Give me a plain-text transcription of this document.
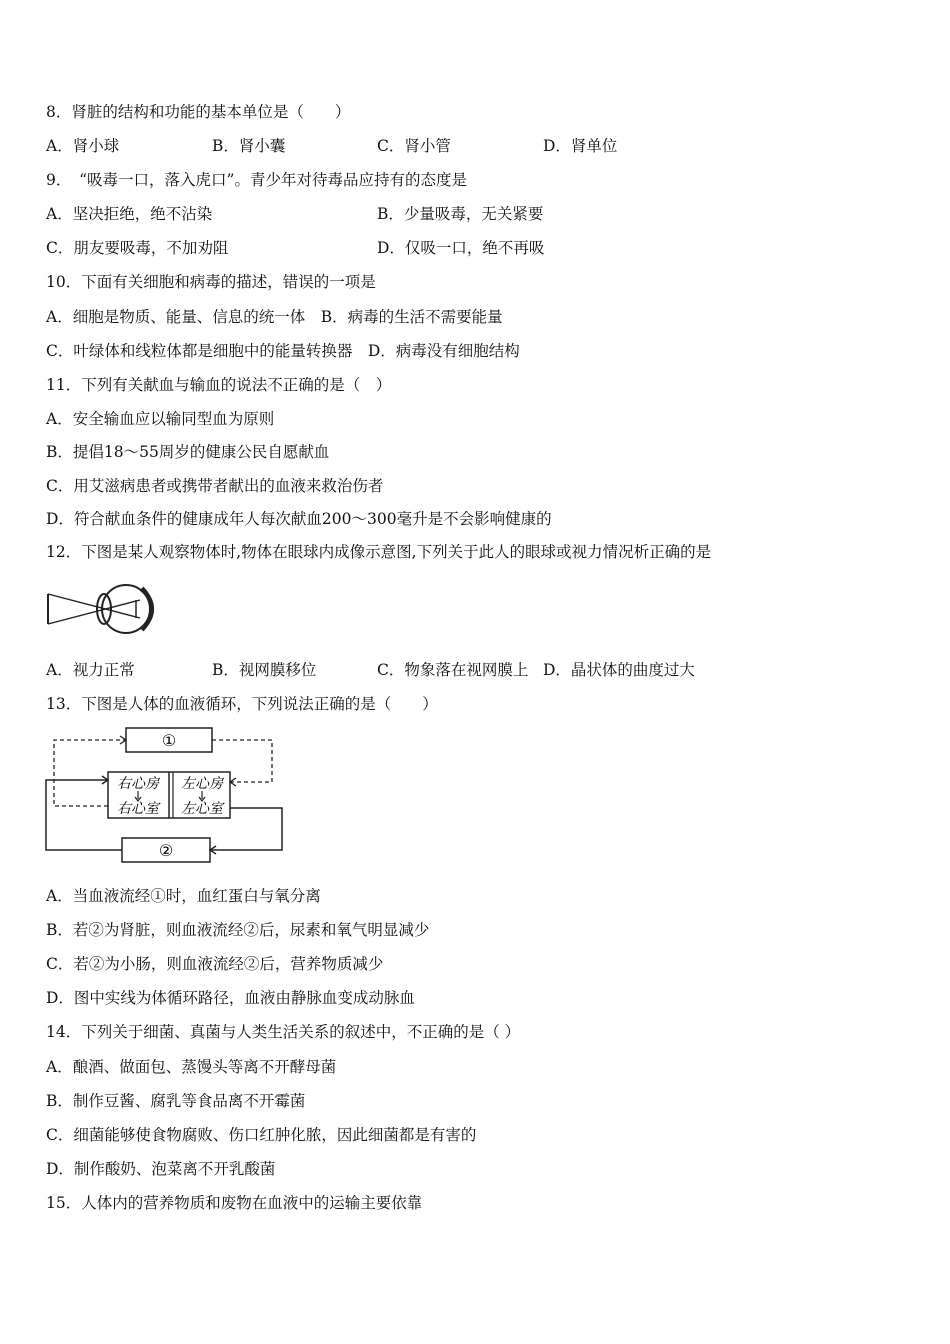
8．肾脏的结构和功能的基本单位是（　　）
A．肾小球	B．肾小囊	C．肾小管	D．肾单位
9．　“吸毒一口，落入虎口”。青少年对待毒品应持有的态度是
A．坚决拒绝，绝不沾染	B．少量吸毒，无关紧要
C．朋友要吸毒，不加劝阻	D．仅吸一口，绝不再吸
10．下面有关细胞和病毒的描述，错误的一项是
A．细胞是物质、能量、信息的统一体　B．病毒的生活不需要能量
C．叶绿体和线粒体都是细胞中的能量转换器　D．病毒没有细胞结构
11．下列有关献血与输血的说法不正确的是（　）
A．安全输血应以输同型血为原则
B．提倡18～55周岁的健康公民自愿献血
C．用艾滋病患者或携带者献出的血液来救治伤者
D．符合献血条件的健康成年人每次献血200～300毫升是不会影响健康的
12．下图是某人观察物体时,物体在眼球内成像示意图,下列关于此人的眼球或视力情况析正确的是
A．视力正常	B．视网膜移位	C．物象落在视网膜上 D．晶状体的曲度过大
13．下图是人体的血液循环，下列说法正确的是（　　）
①
右心房
右心室
左心房
左心室
②
A．当血液流经①时，血红蛋白与氧分离
B．若②为肾脏，则血液流经②后，尿素和氧气明显减少
C．若②为小肠，则血液流经②后，营养物质减少
D．图中实线为体循环路径，血液由静脉血变成动脉血
14．下列关于细菌、真菌与人类生活关系的叙述中，不正确的是（ ）
A．酿酒、做面包、蒸馒头等离不开酵母菌
B．制作豆酱、腐乳等食品离不开霉菌
C．细菌能够使食物腐败、伤口红肿化脓，因此细菌都是有害的
D．制作酸奶、泡菜离不开乳酸菌
15．人体内的营养物质和废物在血液中的运输主要依靠
